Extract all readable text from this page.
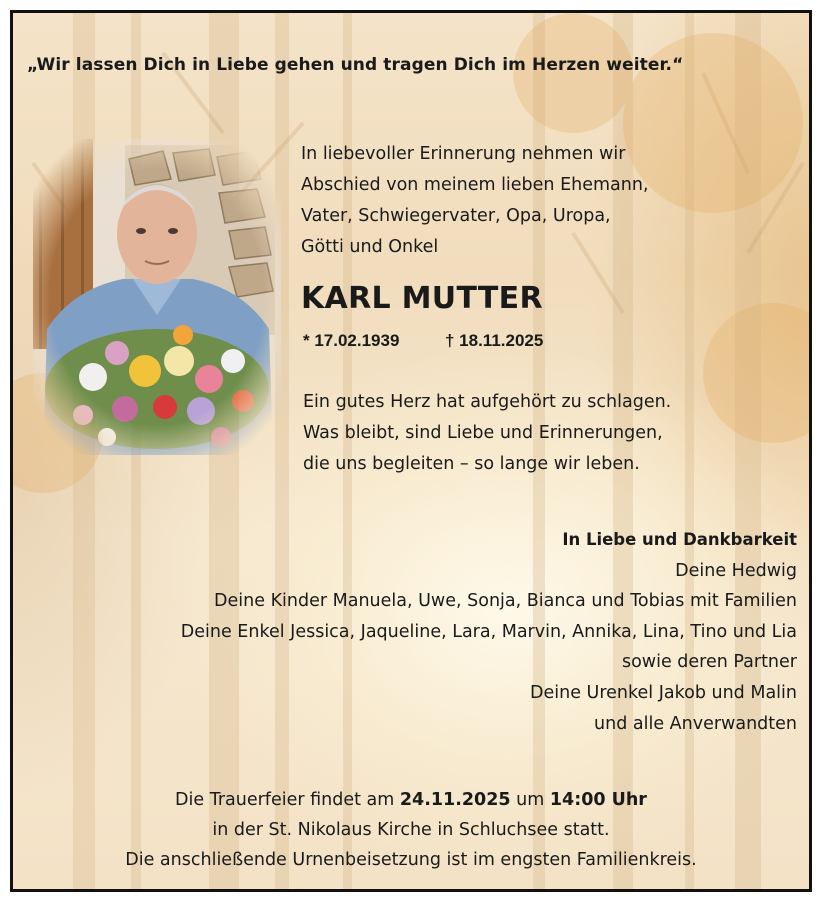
„Wir lassen Dich in Liebe gehen und tragen Dich im Herzen weiter.“
In liebevoller Erinnerung nehmen wir
Abschied von meinem lieben Ehemann,
Vater, Schwiegervater, Opa, Uropa,
Götti und Onkel
KARL MUTTER
* 17.02.1939	† 18.11.2025
Ein gutes Herz hat aufgehört zu schlagen.
Was bleibt, sind Liebe und Erinnerungen,
die uns begleiten – so lange wir leben.
In Liebe und Dankbarkeit
Deine Hedwig
Deine Kinder Manuela, Uwe, Sonja, Bianca und Tobias mit Familien
Deine Enkel Jessica, Jaqueline, Lara, Marvin, Annika, Lina, Tino und Lia
sowie deren Partner
Deine Urenkel Jakob und Malin
und alle Anverwandten
Die Trauerfeier findet am 24.11.2025 um 14:00 Uhr
in der St. Nikolaus Kirche in Schluchsee statt.
Die anschließende Urnenbeisetzung ist im engsten Familienkreis.
